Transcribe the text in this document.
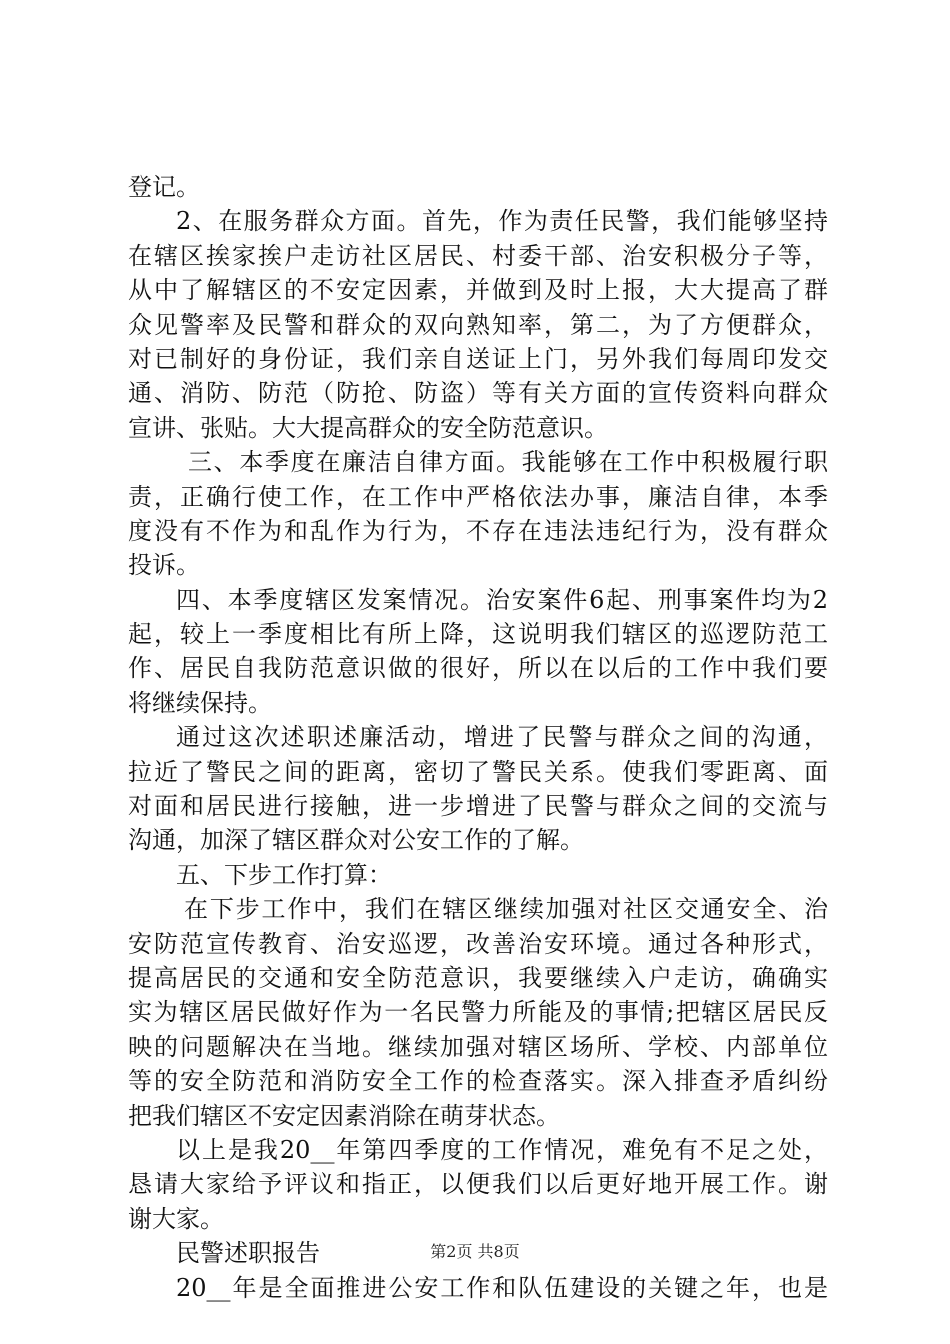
登记。
2、在服务群众方面。首先，作为责任民警，我们能够坚持
在辖区挨家挨户走访社区居民、村委干部、治安积极分子等，
从中了解辖区的不安定因素，并做到及时上报，大大提高了群
众见警率及民警和群众的双向熟知率，第二，为了方便群众，
对已制好的身份证，我们亲自送证上门，另外我们每周印发交
通、消防、防范（防抢、防盗）等有关方面的宣传资料向群众
宣讲、张贴。大大提高群众的安全防范意识。
三、本季度在廉洁自律方面。我能够在工作中积极履行职
责，正确行使工作，在工作中严格依法办事，廉洁自律，本季
度没有不作为和乱作为行为，不存在违法违纪行为，没有群众
投诉。
四、本季度辖区发案情况。治安案件6起、刑事案件均为2
起，较上一季度相比有所上降，这说明我们辖区的巡逻防范工
作、居民自我防范意识做的很好，所以在以后的工作中我们要
将继续保持。
通过这次述职述廉活动，增进了民警与群众之间的沟通，
拉近了警民之间的距离，密切了警民关系。使我们零距离、面
对面和居民进行接触，进一步增进了民警与群众之间的交流与
沟通，加深了辖区群众对公安工作的了解。
五、下步工作打算：
在下步工作中，我们在辖区继续加强对社区交通安全、治
安防范宣传教育、治安巡逻，改善治安环境。通过各种形式，
提高居民的交通和安全防范意识，我要继续入户走访，确确实
实为辖区居民做好作为一名民警力所能及的事情;把辖区居民反
映的问题解决在当地。继续加强对辖区场所、学校、内部单位
等的安全防范和消防安全工作的检查落实。深入排查矛盾纠纷
把我们辖区不安定因素消除在萌芽状态。
以上是我20__年第四季度的工作情况，难免有不足之处，
恳请大家给予评议和指正，以便我们以后更好地开展工作。谢
谢大家。
民警述职报告
20__年是全面推进公安工作和队伍建设的关键之年，也是
第2页 共8页
